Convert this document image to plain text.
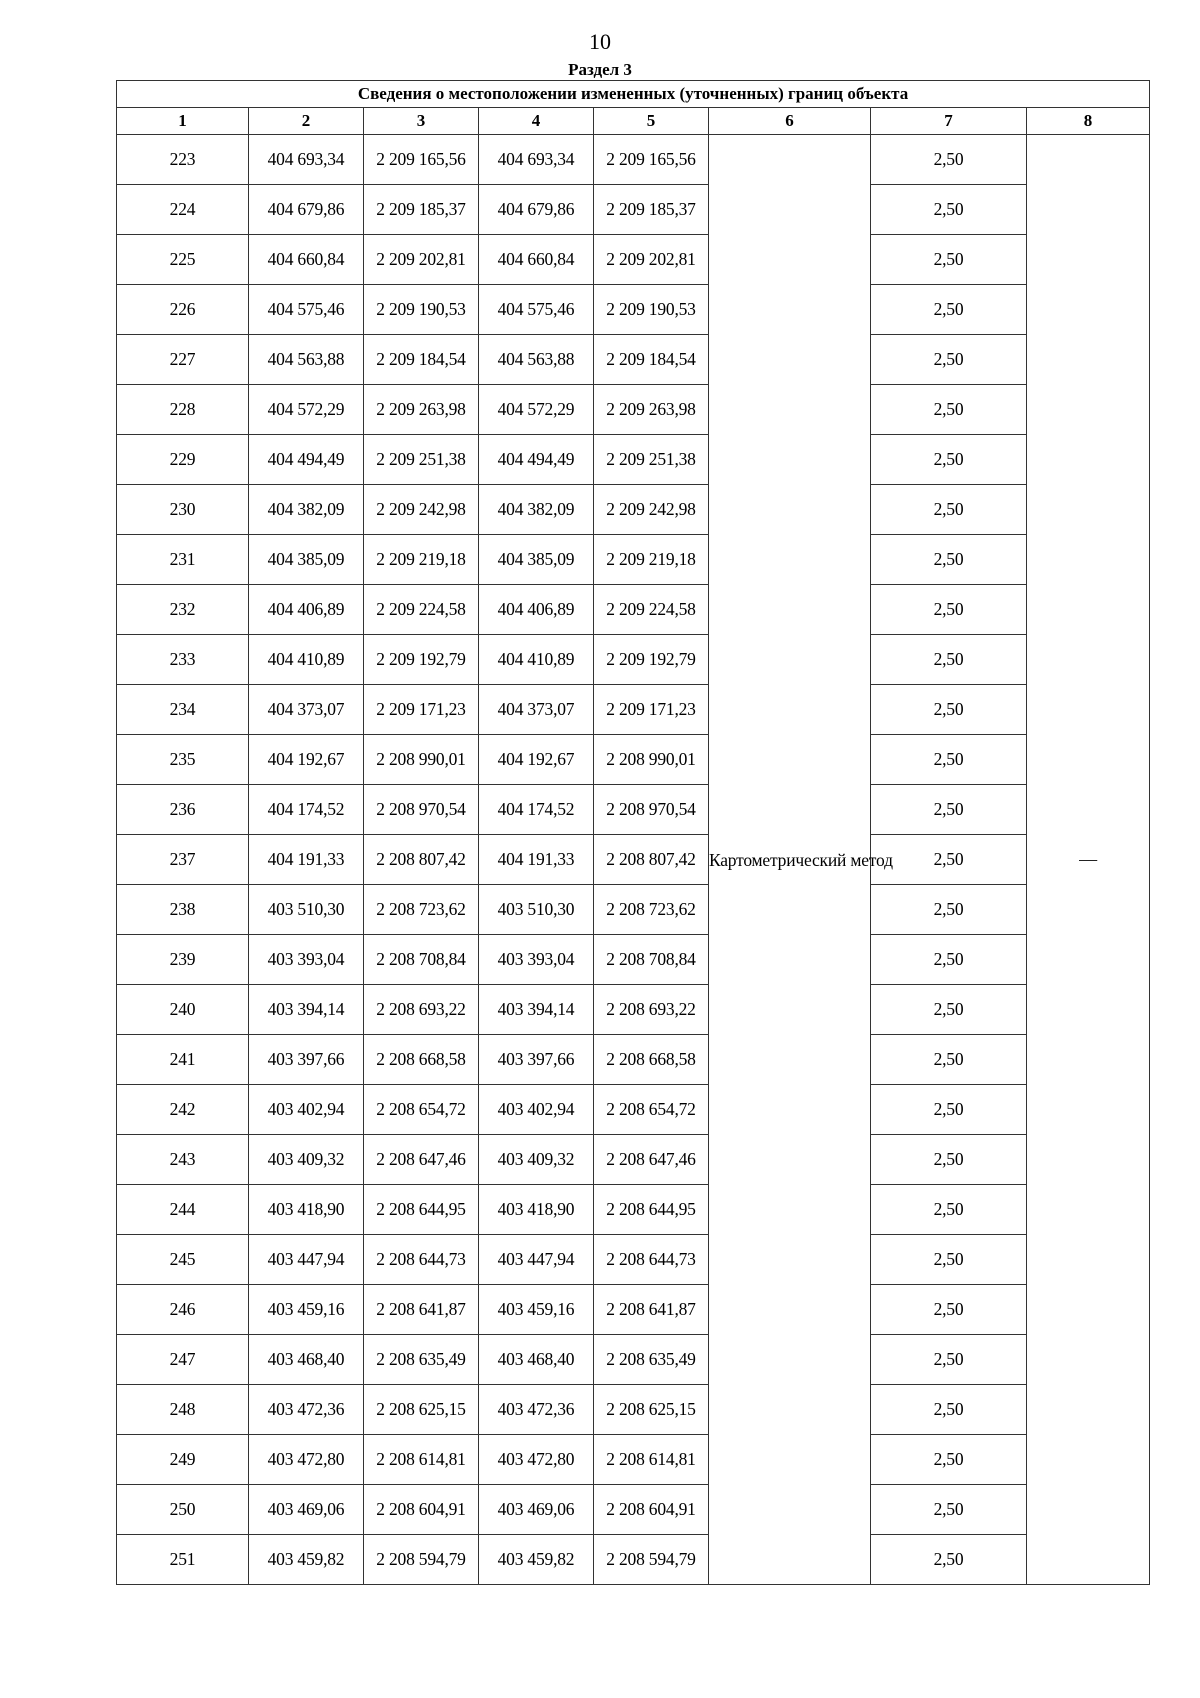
10
Раздел 3
Сведения о местоположении измененных (уточненных) границ объекта							
1	2	3	4	5	6	7	8
223	404 693,34	2 209 165,56	404 693,34	2 209 165,56	Картометрический метод	2,50	—
224	404 679,86	2 209 185,37	404 679,86	2 209 185,37		2,50	
225	404 660,84	2 209 202,81	404 660,84	2 209 202,81		2,50	
226	404 575,46	2 209 190,53	404 575,46	2 209 190,53		2,50	
227	404 563,88	2 209 184,54	404 563,88	2 209 184,54		2,50	
228	404 572,29	2 209 263,98	404 572,29	2 209 263,98		2,50	
229	404 494,49	2 209 251,38	404 494,49	2 209 251,38		2,50	
230	404 382,09	2 209 242,98	404 382,09	2 209 242,98		2,50	
231	404 385,09	2 209 219,18	404 385,09	2 209 219,18		2,50	
232	404 406,89	2 209 224,58	404 406,89	2 209 224,58		2,50	
233	404 410,89	2 209 192,79	404 410,89	2 209 192,79		2,50	
234	404 373,07	2 209 171,23	404 373,07	2 209 171,23		2,50	
235	404 192,67	2 208 990,01	404 192,67	2 208 990,01		2,50	
236	404 174,52	2 208 970,54	404 174,52	2 208 970,54		2,50	
237	404 191,33	2 208 807,42	404 191,33	2 208 807,42		2,50	
238	403 510,30	2 208 723,62	403 510,30	2 208 723,62		2,50	
239	403 393,04	2 208 708,84	403 393,04	2 208 708,84		2,50	
240	403 394,14	2 208 693,22	403 394,14	2 208 693,22		2,50	
241	403 397,66	2 208 668,58	403 397,66	2 208 668,58		2,50	
242	403 402,94	2 208 654,72	403 402,94	2 208 654,72		2,50	
243	403 409,32	2 208 647,46	403 409,32	2 208 647,46		2,50	
244	403 418,90	2 208 644,95	403 418,90	2 208 644,95		2,50	
245	403 447,94	2 208 644,73	403 447,94	2 208 644,73		2,50	
246	403 459,16	2 208 641,87	403 459,16	2 208 641,87		2,50	
247	403 468,40	2 208 635,49	403 468,40	2 208 635,49		2,50	
248	403 472,36	2 208 625,15	403 472,36	2 208 625,15		2,50	
249	403 472,80	2 208 614,81	403 472,80	2 208 614,81		2,50	
250	403 469,06	2 208 604,91	403 469,06	2 208 604,91		2,50	
251	403 459,82	2 208 594,79	403 459,82	2 208 594,79		2,50	
